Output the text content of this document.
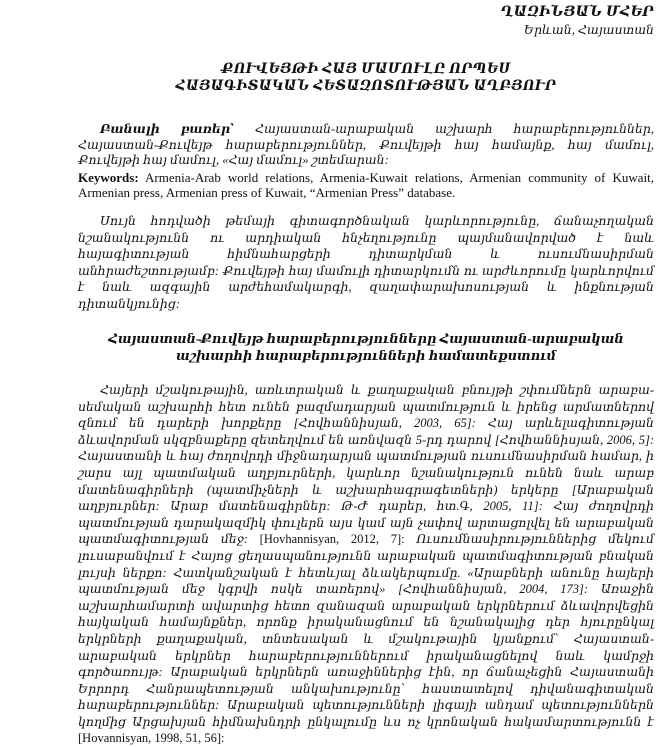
ՂԱԶԻՆՅԱՆ ՄՀԵՐ
Երևան, Հայաստան
ՔՈՒՎԵՅԹԻ ՀԱՅ ՄԱՄՈՒԼԸ ՈՐՊԵՍ
ՀԱՅԱԳԻՏԱԿԱՆ ՀԵՏԱԶՈՏՈՒԹՅԱՆ ԱՂԲՅՈՒՐ
Բանալի բառեր՝ Հայաստան-արաբական աշխարհ հարաբերություններ, Հայաստան-Քուվեյթ հարաբերություններ, Քուվեյթի հայ համայնք, հայ մամուլ, Քուվեյթի հայ մամուլ, «Հայ մամուլ» շտեմարան:
Keywords: Armenia-Arab world relations, Armenia-Kuwait relations, Armenian community of Kuwait, Armenian press, Armenian press of Kuwait, “Armenian Press” database.
Սույն հոդվածի թեմայի գիտագործնական կարևորությունը, ճանաչողական նշանակությունն ու արդիական հնչեղությունը պայմանավորված է նաև հայագիտության հիմնահարցերի դիտարկման և ուսումնասիրման անհրաժեշտությամբ: Քուվեյթի հայ մամուլի դիտարկումն ու արժևորումը կարևորվում է նաև ազգային արժեհամակարգի, զաղափարախոսության և ինքնության դիտանկյունից:
Հայաստան-Քուվեյթ հարաբերությունները Հայաստան-արաբական
աշխարհի հարաբերությունների համատեքստում
Հայերի մշակութային, առևտրական և քաղաքական բնույթի շփումներն արաբա-սեմական աշխարհի հետ ունեն բազմադարյան պատմություն և իրենց արմատներով զնում են դարերի խորքերը [Հովհաննիսյան, 2003, 65]: Հայ արևելագիտության ձևավորման սկզբնաքերը զետեղվում են առնվազն 5-րդ դարով [Հովհաննիսյան, 2006, 5]: Հայաստանի և հայ ժողովրդի միջնադարյան պատմության ուսումնասիրման համար, ի շարս այլ պատմական աղբյուրների, կարևոր նշանակություն ունեն նաև արաբ մատենագիրների (պատմիչների և աշխարհագրագետների) երկերը [Արաբական աղբյուրներ: Արաբ մատենագիրներ: Թ-Ժ դարեր, հտ.Գ, 2005, 11]: Հայ ժողովրդի պատմության դարակազմիկ փուլերն այս կամ այն չափով արտացոլվել են արաբական պատմագիտության մեջ: [Hovhannisyan, 2012, 7]: Ուսումնասիրություններից մեկում լուսաբանվում է Հայոց ցեղասպանությունն արաբական պատմագիտության բնական լույսի ներքո: Հատկանշական է հետևյալ ձևակերպումը. «Արաբների անունը հայերի պատմության մեջ կգրվի ոսկե տառերով» [Հովհաննիսյան, 2004, 173]: Առաջին աշխարհամարտի ավարտից հետո զանազան արաբական երկրներում ձևավորվեցին հայկական համայնքներ, որոնք իրականացնում են նշանակալից դեր հյուրընկալ երկրների քաղաքական, տնտեսական և մշակութային կյանքում՝ Հայաստան-արաբական երկրներ հարաբերություններում իրականացնելով նաև կամրջի գործառույթ: Արաբական երկրներն առաջիններից էին, որ ճանաչեցին Հայաստանի Երրորդ Հանրապետության անկախությունը՝ հաստատելով դիվանագիտական հարաբերություններ: Արաբական պետությունների լիգայի անդամ պետություններն կողմից Արցախյան հիմնախնդրի ընկալումը ևս ոչ կրոնական հակամարտությունն է [Hovannisyan, 1998, 51, 56]:
